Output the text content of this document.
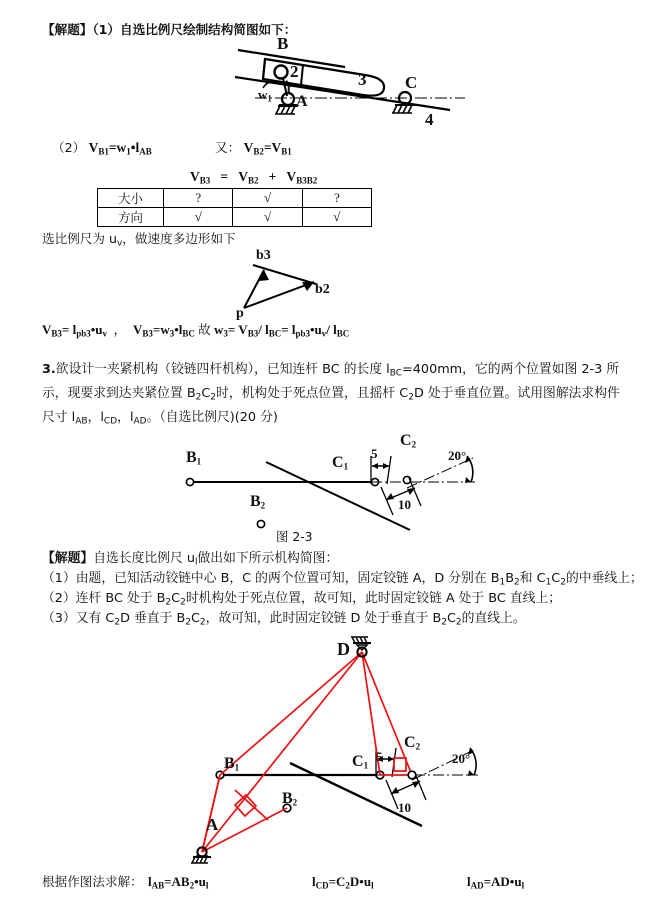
【解题】（1）自选比例尺绘制结构简图如下：
B
2	3 C
4
A
1
$w_1$
（2） $V_{B1}=w_1•l_{AB}$	又： $V_{B2}=V_{B1}$
$V_{B3} = V_{B2} + V_{B3B2}$
大小	?	√	?
方向	√	√	√
选比例尺为 $u_v$，做速度多边形如下
b3
b2
p
$V_{B3}=$ $l_{pb3}•u_v$  ，  $V_{B3}=w_3•l_{BC}$ 故 $w_3= V_{B3}/$ $l_{BC}=$ $l_{pb3}•u_v/$ $l_{BC}$
3.欲设计一夹紧机构（铰链四杆机构），已知连杆 BC 的长度 $l_{BC}=400mm$，它的两个位置如图 2-3 所示，现要求到达夹紧位置 $B_2C_2$时，机构处于死点位置，且摇杆 $C_2D$ 处于垂直位置。试用图解法求构件尺寸 $l_{AB}$，$l_{CD}$，$l_{AD}$。（自选比例尺)(20 分)
$B_1$
$B_2$
$C_1$
$C_2$
5
10
20°
图 2-3
【解题】自选长度比例尺 $u_l$做出如下所示机构简图：
（1）由题，已知活动铰链中心 B，C 的两个位置可知，固定铰链 A，D 分别在 $B_1B_2$和 $C_1C_2$的中垂线上；
（2）连杆 BC 处于 $B_2C_2$时机构处于死点位置，故可知，此时固定铰链 A 处于 BC 直线上；
（3）又有 $C_2D$ 垂直于 $B_2C_2$，故可知，此时固定铰链 D 处于垂直于 $B_2C_2$的直线上。
D
$B_1$
$B_2$
A
$C_1$
$C_2$
5
10
20°
根据作图法求解： $l_{AB}=AB_2•u_l$	$l_{CD}=C_2D•u_l$	$l_{AD}=AD•u_l$
